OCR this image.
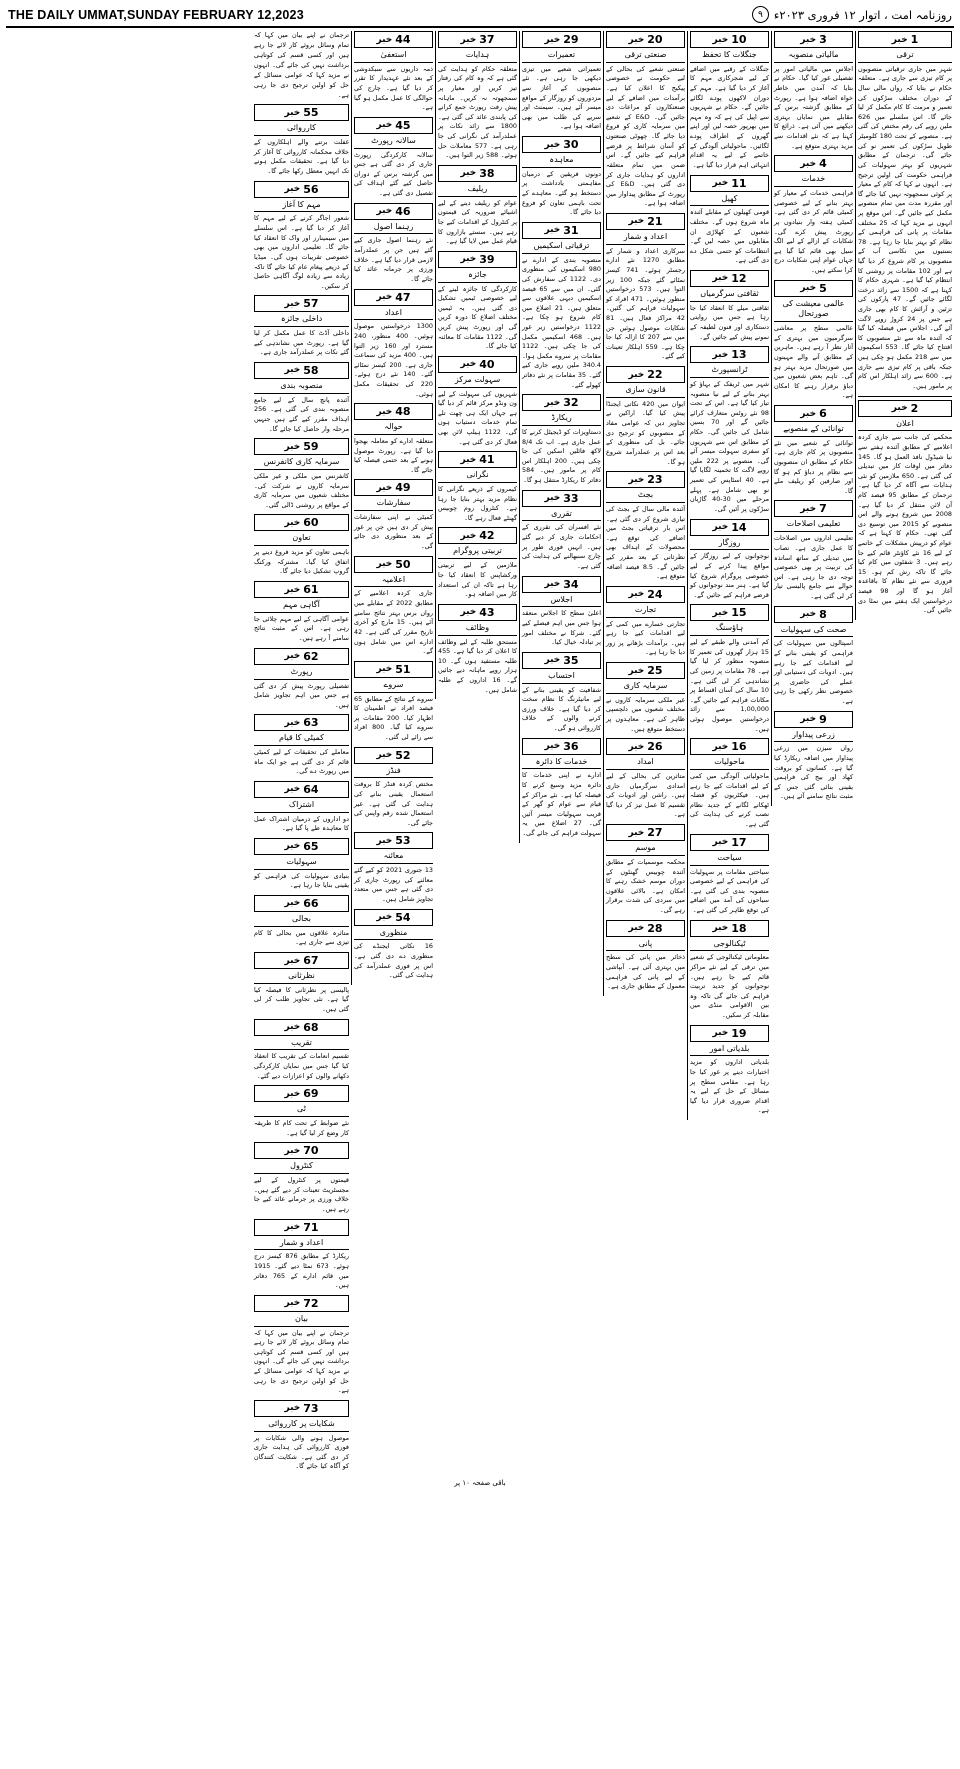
THE DAILY UMMAT,SUNDAY FEBRUARY 12,2023	روزنامہ امت ، اتوار ۱۲ فروری ۲۰۲۳ء
۹
1
خبر
ترقی
شہر میں جاری ترقیاتی منصوبوں پر کام تیزی سے جاری ہے۔ متعلقہ حکام نے بتایا کہ رواں مالی سال کے دوران مختلف سڑکوں کی تعمیر و مرمت کا کام مکمل کر لیا جائے گا۔ اس سلسلے میں 626 ملین روپے کی رقم مختص کی گئی ہے۔ منصوبے کے تحت 180 کلومیٹر طویل سڑکوں کی تعمیر نو کی جائے گی۔ ترجمان کے مطابق شہریوں کو بہتر سہولیات کی فراہمی حکومت کی اولین ترجیح ہے۔ انہوں نے کہا کہ کام کے معیار پر کوئی سمجھوتہ نہیں کیا جائے گا اور مقررہ مدت میں تمام منصوبے مکمل کیے جائیں گے۔ اس موقع پر انہوں نے مزید کہا کہ 25 مختلف مقامات پر پانی کی فراہمی کے نظام کو بہتر بنایا جا رہا ہے۔ 78 بستیوں میں نکاسی آب کے منصوبوں پر کام شروع کر دیا گیا ہے اور 102 مقامات پر روشنی کا انتظام کیا گیا ہے۔ شہری حکام کا کہنا ہے کہ 1500 سے زائد درخت لگائے جائیں گے۔ 47 پارکوں کی تزئین و آرائش کا کام بھی جاری ہے جس پر 24 کروڑ روپے لاگت آئے گی۔ اجلاس میں فیصلہ کیا گیا کہ آئندہ ماہ سے نئے منصوبوں کا افتتاح کیا جائے گا۔ 553 اسکیموں میں سے 218 مکمل ہو چکی ہیں جبکہ باقی پر کام تیزی سے جاری ہے۔ 600 سے زائد اہلکار اس کام پر مامور ہیں۔
2
خبر
اعلان
محکمے کی جانب سے جاری کردہ اعلامیے کے مطابق آئندہ ہفتے سے نیا شیڈول نافذ العمل ہو گا۔ 145 دفاتر میں اوقات کار میں تبدیلی کی گئی ہے۔ 650 ملازمین کو نئی ہدایات سے آگاہ کر دیا گیا ہے۔ ترجمان کے مطابق 95 فیصد کام آن لائن منتقل کر دیا گیا ہے۔ 2008 میں شروع ہونے والے اس منصوبے کو 2015 میں توسیع دی گئی تھی۔ حکام کا کہنا ہے کہ عوام کو درپیش مشکلات کے خاتمے کے لیے 16 نئے کاؤنٹر قائم کیے جا رہے ہیں۔ 3 شفٹوں میں کام کیا جائے گا تاکہ رش کم ہو۔ 15 فروری سے نئے نظام کا باقاعدہ آغاز ہو گا اور 98 فیصد درخواستیں ایک ہفتے میں نمٹا دی جائیں گی۔
3
خبر
مالیاتی منصوبہ
اجلاس میں مالیاتی امور پر تفصیلی غور کیا گیا۔ حکام نے بتایا کہ آمدن میں خاطر خواہ اضافہ ہوا ہے۔ رپورٹ کے مطابق گزشتہ برس کے مقابلے میں نمایاں بہتری دیکھنے میں آئی ہے۔ ذرائع کا کہنا ہے کہ نئے اقدامات سے مزید بہتری متوقع ہے۔
4
خبر
خدمات
فراہمی خدمات کے معیار کو بہتر بنانے کے لیے خصوصی کمیٹی قائم کر دی گئی ہے۔ کمیٹی ہفتہ وار بنیادوں پر رپورٹ پیش کرے گی۔ شکایات کے ازالے کے لیے الگ سیل بھی قائم کیا گیا ہے جہاں عوام اپنی شکایات درج کرا سکتے ہیں۔
5
خبر
عالمی معیشت کی صورتحال
عالمی سطح پر معاشی سرگرمیوں میں بہتری کے آثار نظر آ رہے ہیں۔ ماہرین کے مطابق آنے والے مہینوں میں صورتحال مزید بہتر ہو گی۔ تاہم بعض شعبوں میں دباؤ برقرار رہنے کا امکان ہے۔
6
خبر
توانائی کے منصوبے
توانائی کے شعبے میں نئے منصوبوں پر کام جاری ہے۔ حکام کے مطابق ان منصوبوں سے نظام پر دباؤ کم ہو گا اور صارفین کو ریلیف ملے گا۔
7
خبر
تعلیمی اصلاحات
تعلیمی اداروں میں اصلاحات کا عمل جاری ہے۔ نصاب میں تبدیلی کے ساتھ اساتذہ کی تربیت پر بھی خصوصی توجہ دی جا رہی ہے۔ اس حوالے سے جامع پالیسی تیار کر لی گئی ہے۔
8
خبر
صحت کی سہولیات
اسپتالوں میں سہولیات کی فراہمی کو یقینی بنانے کے لیے اقدامات کیے جا رہے ہیں۔ ادویات کی دستیابی اور عملے کی حاضری پر خصوصی نظر رکھی جا رہی ہے۔
9
خبر
زرعی پیداوار
رواں سیزن میں زرعی پیداوار میں اضافہ ریکارڈ کیا گیا ہے۔ کسانوں کو بروقت کھاد اور بیج کی فراہمی یقینی بنائی گئی جس کے مثبت نتائج سامنے آئے ہیں۔
10
خبر
جنگلات کا تحفظ
جنگلات کے رقبے میں اضافے کے لیے شجرکاری مہم کا آغاز کر دیا گیا ہے۔ مہم کے دوران لاکھوں پودے لگائے جائیں گے۔ حکام نے شہریوں سے اپیل کی ہے کہ وہ مہم میں بھرپور حصہ لیں اور اپنے گھروں کے اطراف پودے لگائیں۔ ماحولیاتی آلودگی کے خاتمے کے لیے یہ اقدام انتہائی اہم قرار دیا گیا ہے۔
11
خبر
کھیل
قومی کھیلوں کے مقابلے آئندہ ماہ شروع ہوں گے۔ مختلف شعبوں کے کھلاڑی ان مقابلوں میں حصہ لیں گے۔ انتظامات کو حتمی شکل دے دی گئی ہے۔
12
خبر
ثقافتی سرگرمیاں
ثقافتی میلے کا انعقاد کیا جا رہا ہے جس میں روایتی دستکاری اور فنون لطیفہ کے نمونے پیش کیے جائیں گے۔
13
خبر
ٹرانسپورٹ
شہر میں ٹریفک کے بہاؤ کو بہتر بنانے کے لیے نیا منصوبہ تیار کیا گیا ہے۔ اس کے تحت 98 نئے روٹس متعارف کرائے جائیں گے اور 70 بسیں شامل کی جائیں گی۔ حکام کے مطابق اس سے شہریوں کو سفری سہولت میسر آئے گی۔ منصوبے پر 222 ملین روپے لاگت کا تخمینہ لگایا گیا ہے۔ 40 اسٹاپس کی تعمیر نو بھی شامل ہے۔ پہلے مرحلے میں 30-40 گاڑیاں سڑکوں پر آئیں گی۔
14
خبر
روزگار
نوجوانوں کے لیے روزگار کے مواقع پیدا کرنے کے لیے خصوصی پروگرام شروع کیا گیا ہے۔ ہنر مند نوجوانوں کو قرضے فراہم کیے جائیں گے۔
15
خبر
ہاؤسنگ
کم آمدنی والے طبقے کے لیے 15 ہزار گھروں کی تعمیر کا منصوبہ منظور کر لیا گیا ہے۔ 78 مقامات پر زمین کی نشاندہی کر لی گئی ہے۔ 10 سال کی آسان اقساط پر مکانات فراہم کیے جائیں گے۔ 1,00,000 سے زائد درخواستیں موصول ہوئی ہیں۔
16
خبر
ماحولیات
ماحولیاتی آلودگی میں کمی کے لیے اقدامات کیے جا رہے ہیں۔ فیکٹریوں کو فضلہ ٹھکانے لگانے کے جدید نظام نصب کرنے کی ہدایت کی گئی ہے۔
17
خبر
سیاحت
سیاحتی مقامات پر سہولیات کی فراہمی کے لیے خصوصی منصوبہ بندی کی گئی ہے۔ سیاحوں کی آمد میں اضافے کی توقع ظاہر کی گئی ہے۔
18
خبر
ٹیکنالوجی
معلوماتی ٹیکنالوجی کے شعبے میں ترقی کے لیے نئے مراکز قائم کیے جا رہے ہیں۔ نوجوانوں کو جدید تربیت فراہم کی جائے گی تاکہ وہ بین الاقوامی منڈی میں مقابلہ کر سکیں۔
19
خبر
بلدیاتی امور
بلدیاتی اداروں کو مزید اختیارات دینے پر غور کیا جا رہا ہے۔ مقامی سطح پر مسائل کے حل کے لیے یہ اقدام ضروری قرار دیا گیا ہے۔
20
خبر
صنعتی ترقی
صنعتی شعبے کی بحالی کے لیے حکومت نے خصوصی پیکیج کا اعلان کیا ہے۔ برآمدات میں اضافے کے لیے صنعتکاروں کو مراعات دی جائیں گی۔ E&D کے شعبے میں سرمایہ کاری کو فروغ دیا جائے گا۔ چھوٹی صنعتوں کو آسان شرائط پر قرضے فراہم کیے جائیں گے۔ اس ضمن میں تمام متعلقہ اداروں کو ہدایات جاری کر دی گئی ہیں۔ E&D کی رپورٹ کے مطابق پیداوار میں اضافہ ہوا ہے۔
21
خبر
اعداد و شمار
سرکاری اعداد و شمار کے مطابق 1270 نئے ادارے رجسٹر ہوئے۔ 741 کیسز نمٹائے گئے جبکہ 100 زیر التوا ہیں۔ 573 درخواستیں منظور ہوئیں۔ 471 افراد کو سہولیات فراہم کی گئیں۔ 42 مراکز فعال ہیں۔ 81 شکایات موصول ہوئیں جن میں سے 207 کا ازالہ کیا جا چکا ہے۔ 559 اہلکار تعینات کیے گئے۔
22
خبر
قانون سازی
ایوان میں 420 نکاتی ایجنڈا پیش کیا گیا۔ اراکین نے تجاویز دیں کہ عوامی مفاد کے منصوبوں کو ترجیح دی جائے۔ بل کی منظوری کے بعد اس پر عملدرآمد شروع ہو گا۔
23
خبر
بجٹ
آئندہ مالی سال کے بجٹ کی تیاری شروع کر دی گئی ہے۔ اس بار ترقیاتی بجٹ میں اضافے کی توقع ہے۔ محصولات کے اہداف بھی نظرثانی کے بعد مقرر کیے جائیں گے۔ 8.5 فیصد اضافہ متوقع ہے۔
24
خبر
تجارت
تجارتی خسارے میں کمی کے لیے اقدامات کیے جا رہے ہیں۔ برآمدات بڑھانے پر زور دیا جا رہا ہے۔
25
خبر
سرمایہ کاری
غیر ملکی سرمایہ کاروں نے مختلف شعبوں میں دلچسپی ظاہر کی ہے۔ معاہدوں پر دستخط متوقع ہیں۔
26
خبر
امداد
متاثرین کی بحالی کے لیے امدادی سرگرمیاں جاری ہیں۔ راشن اور ادویات کی تقسیم کا عمل تیز کر دیا گیا ہے۔
27
خبر
موسم
محکمہ موسمیات کے مطابق آئندہ چوبیس گھنٹوں کے دوران موسم خشک رہنے کا امکان ہے۔ بالائی علاقوں میں سردی کی شدت برقرار رہے گی۔
28
خبر
پانی
ذخائر میں پانی کی سطح میں بہتری آئی ہے۔ آبپاشی کے لیے پانی کی فراہمی معمول کے مطابق جاری ہے۔
29
خبر
تعمیرات
تعمیراتی شعبے میں تیزی دیکھی جا رہی ہے۔ نئے منصوبوں کے آغاز سے مزدوروں کو روزگار کے مواقع میسر آئے ہیں۔ سیمنٹ اور سریے کی طلب میں بھی اضافہ ہوا ہے۔
30
خبر
معاہدہ
دونوں فریقین کے درمیان مفاہمتی یادداشت پر دستخط ہو گئے۔ معاہدے کے تحت باہمی تعاون کو فروغ دیا جائے گا۔
31
خبر
ترقیاتی اسکیمیں
منصوبہ بندی کے ادارے نے 980 اسکیموں کی منظوری دی۔ 1122 کی سفارش کی گئی۔ ان میں سے 65 فیصد اسکیمیں دیہی علاقوں سے متعلق ہیں۔ 21 اضلاع میں کام شروع ہو چکا ہے۔ 1122 درخواستیں زیر غور ہیں۔ 468 اسکیمیں مکمل کی جا چکی ہیں۔ 1122 مقامات پر سروے مکمل ہوا۔ 340.4 ملین روپے جاری کیے گئے۔ 35 مقامات پر نئے دفاتر کھولے گئے۔
32
خبر
ریکارڈ
دستاویزات کو ڈیجیٹل کرنے کا عمل جاری ہے۔ اب تک 8/4 لاکھ فائلیں اسکین کی جا چکی ہیں۔ 200 اہلکار اس کام پر مامور ہیں۔ 584 دفاتر کا ریکارڈ منتقل ہو گا۔
33
خبر
تقرری
نئے افسران کی تقرری کے احکامات جاری کر دیے گئے ہیں۔ انہیں فوری طور پر چارج سنبھالنے کی ہدایت کی گئی ہے۔
34
خبر
اجلاس
اعلیٰ سطح کا اجلاس منعقد ہوا جس میں اہم فیصلے کیے گئے۔ شرکا نے مختلف امور پر تبادلہ خیال کیا۔
35
خبر
احتساب
شفافیت کو یقینی بنانے کے لیے مانیٹرنگ کا نظام سخت کر دیا گیا ہے۔ خلاف ورزی کرنے والوں کے خلاف کارروائی ہو گی۔
36
خبر
خدمات کا دائرہ
ادارے نے اپنی خدمات کا دائرہ مزید وسیع کرنے کا فیصلہ کیا ہے۔ نئے مراکز کے قیام سے عوام کو گھر کے قریب سہولیات میسر آئیں گی۔ 27 اضلاع میں یہ سہولت فراہم کی جائے گی۔
37
خبر
ہدایات
متعلقہ حکام کو ہدایت کی گئی ہے کہ وہ کام کی رفتار تیز کریں اور معیار پر سمجھوتہ نہ کریں۔ ماہانہ پیش رفت رپورٹ جمع کرانے کی پابندی عائد کی گئی ہے۔ 1800 سے زائد نکات پر عملدرآمد کی نگرانی کی جا رہی ہے۔ 577 معاملات حل ہوئے۔ 588 زیر التوا ہیں۔
38
خبر
ریلیف
عوام کو ریلیف دینے کے لیے اشیائے ضروریہ کی قیمتوں پر کنٹرول کے اقدامات کیے جا رہے ہیں۔ سستے بازاروں کا قیام عمل میں لایا گیا ہے۔
39
خبر
جائزہ
کارکردگی کا جائزہ لینے کے لیے خصوصی ٹیمیں تشکیل دی گئی ہیں۔ یہ ٹیمیں مختلف اضلاع کا دورہ کریں گی اور رپورٹ پیش کریں گی۔ 1122 مقامات کا معائنہ کیا جائے گا۔
40
خبر
سہولت مرکز
شہریوں کی سہولت کے لیے ون ونڈو مرکز قائم کر دیا گیا ہے جہاں ایک ہی چھت تلے تمام خدمات دستیاب ہوں گی۔ 1122 ہیلپ لائن بھی فعال کر دی گئی ہے۔
41
خبر
نگرانی
کیمروں کے ذریعے نگرانی کا نظام مزید بہتر بنایا جا رہا ہے۔ کنٹرول روم چوبیس گھنٹے فعال رہے گا۔
42
خبر
تربیتی پروگرام
ملازمین کے لیے تربیتی ورکشاپس کا انعقاد کیا جا رہا ہے تاکہ ان کی استعداد کار میں اضافہ ہو۔
43
خبر
وظائف
مستحق طلبہ کے لیے وظائف کا اعلان کر دیا گیا ہے۔ 455 طلبہ مستفید ہوں گے۔ 10 ہزار روپے ماہانہ دیے جائیں گے۔ 16 اداروں کے طلبہ شامل ہیں۔
44
خبر
استعفیٰ
ذمہ داریوں سے سبکدوشی کے بعد نئے عہدیدار کا تقرر کر دیا گیا ہے۔ چارج کی حوالگی کا عمل مکمل ہو گیا ہے۔
45
خبر
سالانہ رپورٹ
سالانہ کارکردگی رپورٹ جاری کر دی گئی ہے جس میں گزشتہ برس کے دوران حاصل کیے گئے اہداف کی تفصیل دی گئی ہے۔
46
خبر
رہنما اصول
نئے رہنما اصول جاری کیے گئے ہیں جن پر عملدرآمد لازمی قرار دیا گیا ہے۔ خلاف ورزی پر جرمانہ عائد کیا جائے گا۔
47
خبر
اعداد
1300 درخواستیں موصول ہوئیں۔ 400 منظور، 240 مسترد اور 160 زیر التوا ہیں۔ 400 مزید کی سماعت جاری ہے۔ 200 کیسز نمٹائے گئے۔ 140 نئے درج ہوئے۔ 220 کی تحقیقات مکمل ہوئی۔
48
خبر
حوالہ
متعلقہ ادارے کو معاملہ بھجوا دیا گیا ہے۔ رپورٹ موصول ہونے کے بعد حتمی فیصلہ کیا جائے گا۔
49
خبر
سفارشات
کمیٹی نے اپنی سفارشات پیش کر دی ہیں جن پر غور کے بعد منظوری دی جائے گی۔
50
خبر
اعلامیہ
جاری کردہ اعلامیے کے مطابق 2022 کے مقابلے میں رواں برس بہتر نتائج سامنے آئے ہیں۔ 15 مارچ کو آخری تاریخ مقرر کی گئی ہے۔ 42 ادارے اس میں شامل ہوں گے۔
51
خبر
سروے
سروے کے نتائج کے مطابق 65 فیصد افراد نے اطمینان کا اظہار کیا۔ 200 مقامات پر سروے کیا گیا۔ 800 افراد سے رائے لی گئی۔
52
خبر
فنڈز
مختص کردہ فنڈز کا بروقت استعمال یقینی بنانے کی ہدایت کی گئی ہے۔ غیر استعمال شدہ رقم واپس کی جائے گی۔
53
خبر
معائنہ
13 جنوری 2021 کو کیے گئے معائنے کی رپورٹ جاری کر دی گئی ہے جس میں متعدد تجاویز شامل ہیں۔
54
خبر
منظوری
16 نکاتی ایجنڈے کی منظوری دے دی گئی ہے۔ اس پر فوری عملدرآمد کی ہدایت کی گئی۔
ترجمان نے اپنے بیان میں کہا کہ تمام وسائل بروئے کار لائے جا رہے ہیں اور کسی قسم کی کوتاہی برداشت نہیں کی جائے گی۔ انہوں نے مزید کہا کہ عوامی مسائل کے حل کو اولین ترجیح دی جا رہی ہے۔
55
خبر
کارروائی
غفلت برتنے والے اہلکاروں کے خلاف محکمانہ کارروائی کا آغاز کر دیا گیا ہے۔ تحقیقات مکمل ہونے تک انہیں معطل رکھا جائے گا۔
56
خبر
مہم کا آغاز
شعور اجاگر کرنے کے لیے مہم کا آغاز کر دیا گیا ہے۔ اس سلسلے میں سیمینارز اور واک کا انعقاد کیا جائے گا۔ تعلیمی اداروں میں بھی خصوصی تقریبات ہوں گی۔ میڈیا کے ذریعے پیغام عام کیا جائے گا تاکہ زیادہ سے زیادہ لوگ آگاہی حاصل کر سکیں۔
57
خبر
داخلی جائزہ
داخلی آڈٹ کا عمل مکمل کر لیا گیا ہے۔ رپورٹ میں نشاندہی کیے گئے نکات پر عملدرآمد جاری ہے۔
58
خبر
منصوبہ بندی
آئندہ پانچ سال کے لیے جامع منصوبہ بندی کی گئی ہے۔ 256 اہداف مقرر کیے گئے ہیں جنہیں مرحلہ وار حاصل کیا جائے گا۔
59
خبر
سرمایہ کاری کانفرنس
کانفرنس میں ملکی و غیر ملکی سرمایہ کاروں نے شرکت کی۔ مختلف شعبوں میں سرمایہ کاری کے مواقع پر روشنی ڈالی گئی۔
60
خبر
تعاون
باہمی تعاون کو مزید فروغ دینے پر اتفاق کیا گیا۔ مشترکہ ورکنگ گروپ تشکیل دیا جائے گا۔
61
خبر
آگاہی مہم
عوامی آگاہی کے لیے مہم چلائی جا رہی ہے۔ اس کے مثبت نتائج سامنے آ رہے ہیں۔
62
خبر
رپورٹ
تفصیلی رپورٹ پیش کر دی گئی ہے جس میں اہم تجاویز شامل ہیں۔
63
خبر
کمیٹی کا قیام
معاملے کی تحقیقات کے لیے کمیٹی قائم کر دی گئی ہے جو ایک ماہ میں رپورٹ دے گی۔
64
خبر
اشتراک
دو اداروں کے درمیان اشتراک عمل کا معاہدہ طے پا گیا ہے۔
65
خبر
سہولیات
بنیادی سہولیات کی فراہمی کو یقینی بنایا جا رہا ہے۔
66
خبر
بحالی
متاثرہ علاقوں میں بحالی کا کام تیزی سے جاری ہے۔
67
خبر
نظرثانی
پالیسی پر نظرثانی کا فیصلہ کیا گیا ہے۔ نئی تجاویز طلب کر لی گئی ہیں۔
68
خبر
تقریب
تقسیم انعامات کی تقریب کا انعقاد کیا گیا جس میں نمایاں کارکردگی دکھانے والوں کو اعزازات دیے گئے۔
69
خبر
ٹی
نئے ضوابط کے تحت کام کا طریقہ کار وضع کر لیا گیا ہے۔
70
خبر
کنٹرول
قیمتوں پر کنٹرول کے لیے مجسٹریٹ تعینات کر دیے گئے ہیں۔ خلاف ورزی پر جرمانے عائد کیے جا رہے ہیں۔
71
خبر
اعداد و شمار
ریکارڈ کے مطابق 876 کیسز درج ہوئے۔ 673 نمٹا دیے گئے۔ 1915 میں قائم ادارے کے 765 دفاتر ہیں۔
72
خبر
بیان
ترجمان نے اپنے بیان میں کہا کہ تمام وسائل بروئے کار لائے جا رہے ہیں اور کسی قسم کی کوتاہی برداشت نہیں کی جائے گی۔ انہوں نے مزید کہا کہ عوامی مسائل کے حل کو اولین ترجیح دی جا رہی ہے۔
73
خبر
شکایات پر کارروائی
موصول ہونے والی شکایات پر فوری کارروائی کی ہدایت جاری کر دی گئی ہے۔ شکایت کنندگان کو آگاہ کیا جائے گا۔
باقی صفحہ ۱۰ پر
